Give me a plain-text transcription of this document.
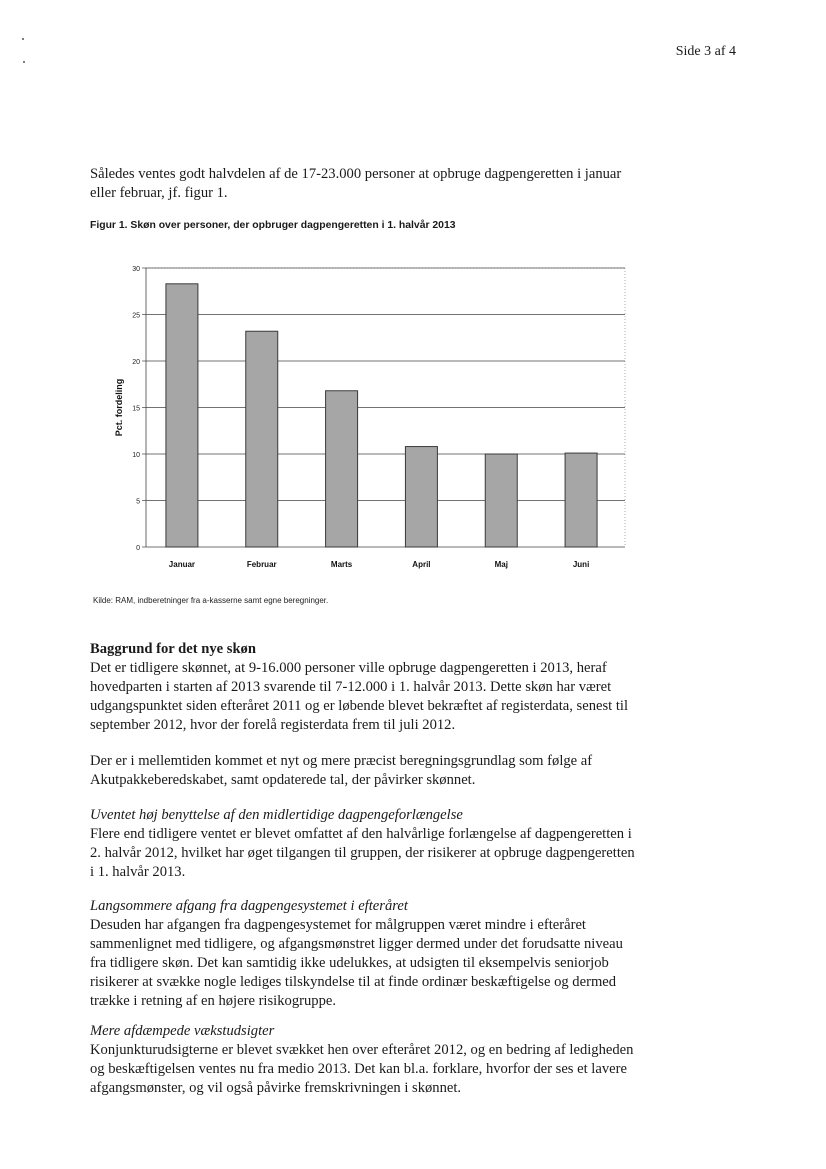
Side 3 af 4

Således ventes godt halvdelen af de 17-23.000 personer at opbruge dagpengeretten i januar eller februar, jf. figur 1.

Figur 1. Skøn over personer, der opbruger dagpengeretten i 1. halvår 2013
0
5
10
15
20
25
30
Januar	Februar	Marts	April	Maj	Juni
Pct. fordeling
Kilde: RAM, indberetninger fra a-kasserne samt egne beregninger.
Baggrund for det nye skøn

Det er tidligere skønnet, at 9-16.000 personer ville opbruge dagpengeretten i 2013, heraf hovedparten i starten af 2013 svarende til 7-12.000 i 1. halvår 2013. Dette skøn har været udgangspunktet siden efteråret 2011 og er løbende blevet bekræftet af registerdata, senest til september 2012, hvor der forelå registerdata frem til juli 2012.

Der er i mellemtiden kommet et nyt og mere præcist beregningsgrundlag som følge af Akutpakkeberedskabet, samt opdaterede tal, der påvirker skønnet.

Uventet høj benyttelse af den midlertidige dagpengeforlængelse
Flere end tidligere ventet er blevet omfattet af den halvårlige forlængelse af dagpengeretten i 2. halvår 2012, hvilket har øget tilgangen til gruppen, der risikerer at opbruge dagpengeretten i 1. halvår 2013.
Langsommere afgang fra dagpengesystemet i efteråret
Desuden har afgangen fra dagpengesystemet for målgruppen været mindre i efteråret sammenlignet med tidligere, og afgangsmønstret ligger dermed under det forudsatte niveau fra tidligere skøn. Det kan samtidig ikke udelukkes, at udsigten til eksempelvis seniorjob risikerer at svække nogle lediges tilskyndelse til at finde ordinær beskæftigelse og dermed trække i retning af en højere risikogruppe.
Mere afdæmpede vækstudsigter
Konjunkturudsigterne er blevet svækket hen over efteråret 2012, og en bedring af ledigheden og beskæftigelsen ventes nu fra medio 2013. Det kan bl.a. forklare, hvorfor der ses et lavere afgangsmønster, og vil også påvirke fremskrivningen i skønnet.
